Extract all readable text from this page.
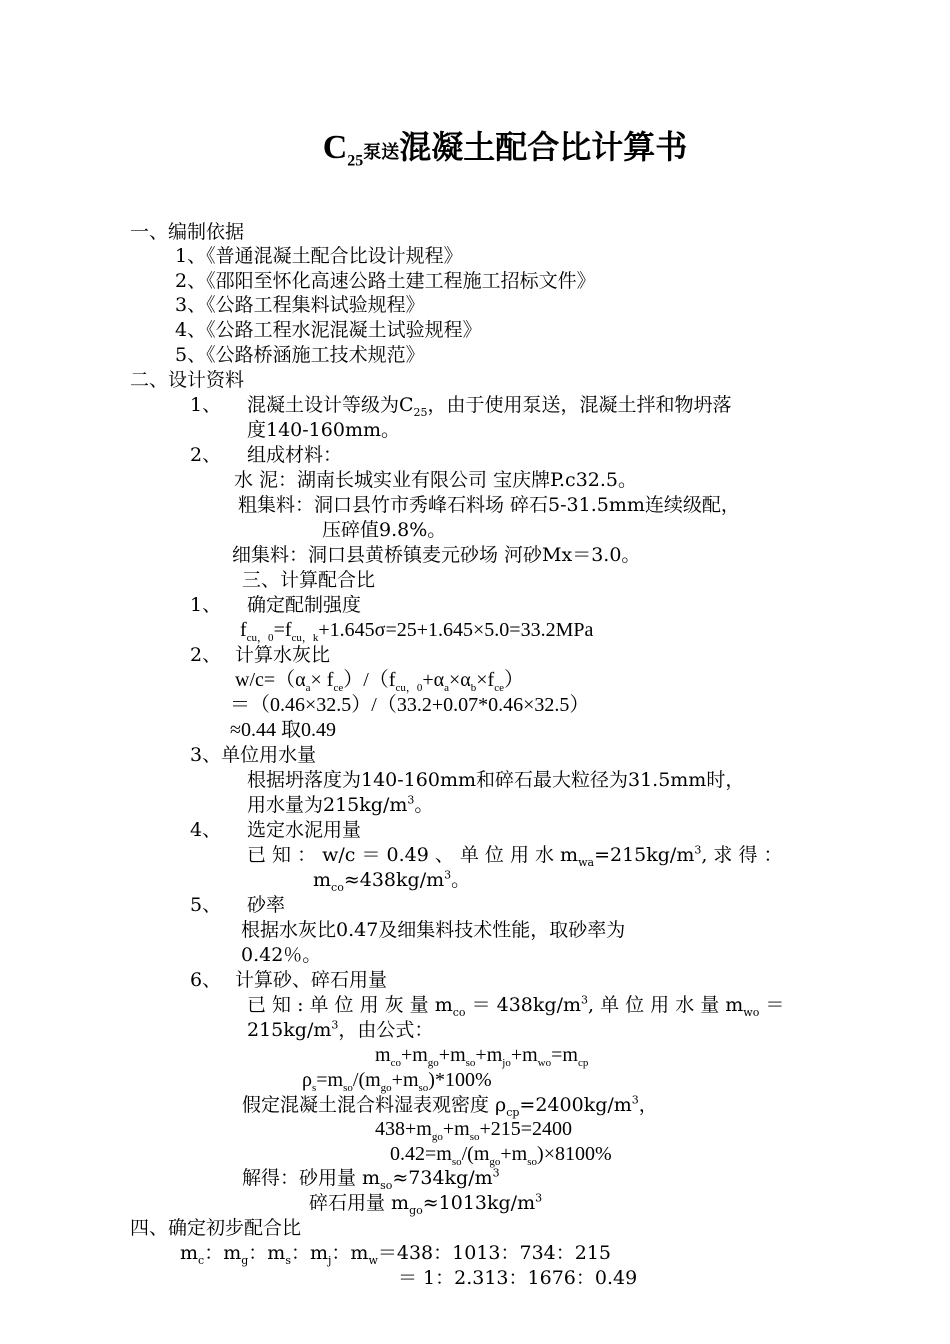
$C_{25}$泵送混凝土配合比计算书
一、编制依据
1、《普通混凝土配合比设计规程》
2、《邵阳至怀化高速公路土建工程施工招标文件》
3、《公路工程集料试验规程》
4、《公路工程水泥混凝土试验规程》
5、《公路桥涵施工技术规范》
二、设计资料
1、 混凝土设计等级为$C_{25}$，由于使用泵送，混凝土拌和物坍落
度140-160mm。
2、 组成材料：
水 泥：湖南长城实业有限公司 宝庆牌P.c32.5。
粗集料：洞口县竹市秀峰石料场 碎石5-31.5mm连续级配，
压碎值9.8%。
细集料：洞口县黄桥镇麦元砂场 河砂Mx＝3.0。
三、计算配合比
1、 确定配制强度
$f_{cu,0}=f_{cu,k}+1.645\sigma=25+1.645\times 5.0=33.2MPa$
2、 计算水灰比
$w/c=(\alpha_a\times f_{ce})/(f_{cu,0}+\alpha_a\times\alpha_b\times f_{ce})$
＝（0.46×32.5）/（33.2+0.07*0.46×32.5）
≈0.44 取0.49
3、单位用水量
根据坍落度为140-160mm和碎石最大粒径为31.5mm时，
用水量为$215kg/m^3$。
4、 选定水泥用量
已 知 ： w/c ＝ 0.49 、 单 位 用 水 $m_{wa}=215kg/m^3$, 求 得 ：
$m_{co}\approx 438kg/m^3$。
5、 砂率
根据水灰比0.47及细集料技术性能，取砂率为
0.42％。
6、 计算砂、碎石用量
已 知 : 单 位 用 灰 量 $m_{co} = 438kg/m^3$, 单 位 用 水 量 $m_{wo}$ ＝
$215kg/m^3$，由公式：
$m_{co}+m_{go}+m_{so}+m_{jo}+m_{wo}=m_{cp}$
$\rho_s=m_{so}/(m_{go}+m_{so})*100\%$
假定混凝土混合料湿表观密度 $\rho_{cp}=2400kg/m^3$，
$438+m_{go}+m_{so}+215=2400$
$0.42=m_{so}/(m_{go}+m_{so})\times 8100\%$
解得：砂用量 $m_{so}\approx 734kg/m^3$
碎石用量 $m_{go}\approx 1013kg/m^3$
四、确定初步配合比
$m_c$：$m_g$：$m_s$：$m_j$：$m_w=438$：1013：734：215
＝ 1：2.313：1676：0.49
